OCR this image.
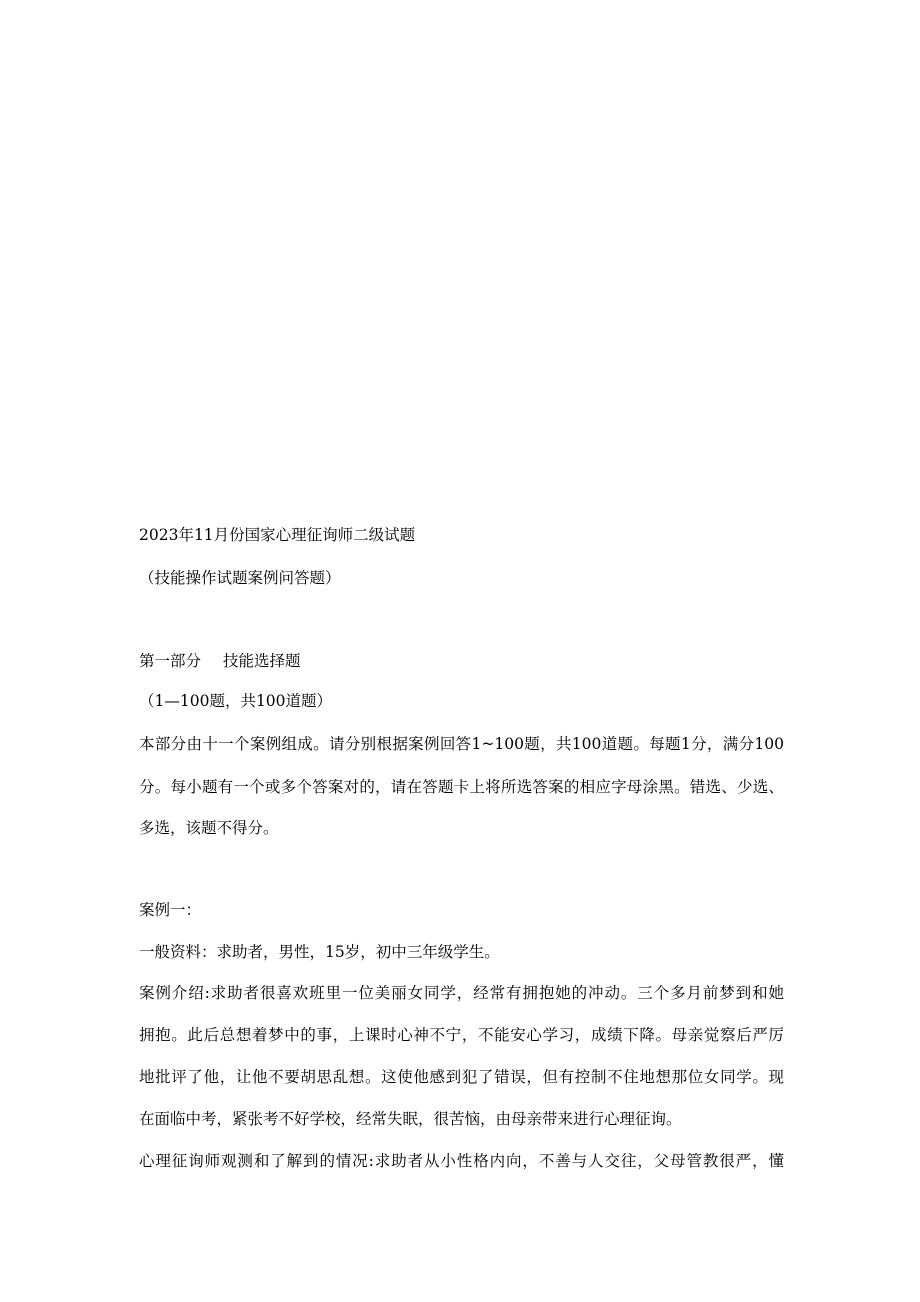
2023年11月份国家心理征询师二级试题
（技能操作试题案例问答题）
第一部分 技能选择题
（1—100题，共100道题）
本部分由十一个案例组成。请分别根据案例回答1~100题，共100道题。每题1分，满分100
分。每小题有一个或多个答案对的，请在答题卡上将所选答案的相应字母涂黑。错选、少选、
多选，该题不得分。
案例一：
一般资料：求助者，男性，15岁，初中三年级学生。
案例介绍:求助者很喜欢班里一位美丽女同学，经常有拥抱她的冲动。三个多月前梦到和她
拥抱。此后总想着梦中的事，上课时心神不宁，不能安心学习，成绩下降。母亲觉察后严厉
地批评了他，让他不要胡思乱想。这使他感到犯了错误，但有控制不住地想那位女同学。现
在面临中考，紧张考不好学校，经常失眠，很苦恼，由母亲带来进行心理征询。
心理征询师观测和了解到的情况:求助者从小性格内向，不善与人交往，父母管教很严，懂
